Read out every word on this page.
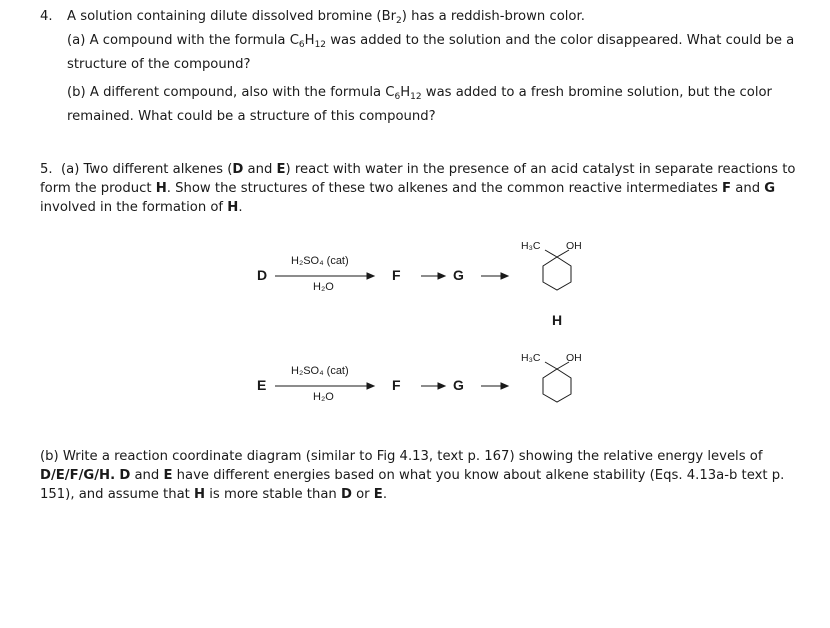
4. A solution containing dilute dissolved bromine $(Br_2)$ has a reddish-brown color.
(a) A compound with the formula $C_6H_{12}$ was added to the solution and the color disappeared. What could be a structure of the compound?
(b) A different compound, also with the formula $C_6H_{12}$ was added to a fresh bromine solution, but the color remained. What could be a structure of this compound?
5. (a) Two different alkenes (D and E) react with water in the presence of an acid catalyst in separate reactions to form the product H. Show the structures of these two alkenes and the common reactive intermediates F and G involved in the formation of H.
D
H₂SO₄ (cat)
H₂O
F	G
H₃C OH
H
E
H₂SO₄ (cat)
H₂O
F	G
H₃C OH
(b) Write a reaction coordinate diagram (similar to Fig 4.13, text p. 167) showing the relative energy levels of D/E/F/G/H. D and E have different energies based on what you know about alkene stability (Eqs. 4.13a-b text p. 151), and assume that H is more stable than D or E.
